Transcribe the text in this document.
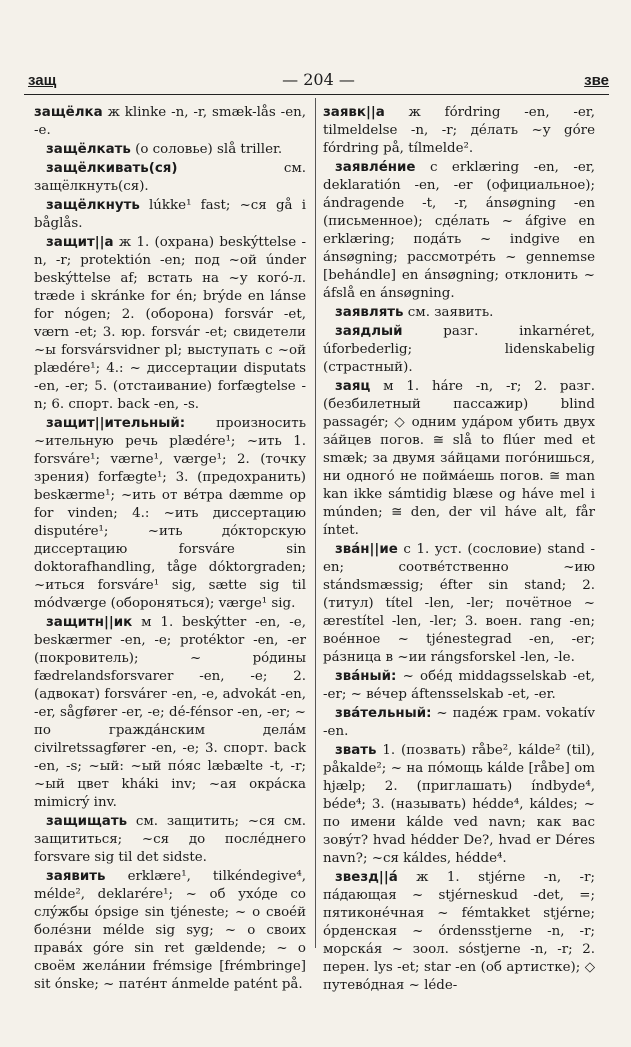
защ	— 204 —	зве
защёлка ж klinke -n, -r, smæk-lås -en, -e.
защёлкать (о соловье) slå triller.
защёлкивать(ся) см. защёлкнуть(ся).
защёлкнуть lúkke¹ fast; ~ся gå i båglås.
защит||а ж 1. (охрана) beskýttelse -n, -r; protektión -en; под ~ой únder beskýttelse af; встать на ~у когó-л. træde i skránke for én; brýde en lánse for nógen; 2. (оборона) forsvár -et, værn -et; 3. юр. forsvár -et; свидетели ~ы forsvársvidner pl; выступать с ~ой plædére¹; 4.: ~ диссертации disputats -en, -er; 5. (отстаивание) forfægtelse -n; 6. спорт. back -en, -s.
защит||ительный: произносить ~ительную речь plædére¹; ~ить 1. forsváre¹; værne¹, værge¹; 2. (точку зрения) forfægte¹; 3. (предохранить) beskærme¹; ~ить от вéтра dæmme op for vinden; 4.: ~ить диссертацию disputére¹; ~ить дóкторскую диссертацию forsváre sin doktorafhandling, tåge dóktorgraden; ~иться forsváre¹ sig, sætte sig til módværge (обороняться); værge¹ sig.
защитн||ик м 1. beskýtter -en, -e, beskærmer -en, -e; protéktor -en, -er (покровитель); ~ рóдины fædrelandsforsvarer -en, -e; 2. (адвокат) forsváreг -en, -e, advokát -en, -er, sågfører -er, -e; dé-fénsor -en, -er; ~ по граждáнским делáм civilretssagfører -en, -e; 3. спорт. back -en, -s; ~ый: ~ый пóяс læbælte -t, -r; ~ый цвет kháki inv; ~ая окрáска mimicrý inv.
защищать см. защитить; ~ся см. защититься; ~ся до послéднего forsvare sig til det sidste.
заявить erklære¹, tilkéndegive⁴, mélde², deklarére¹; ~ об ухóде со слýжбы ópsige sin tjéneste; ~ о своéй болéзни mélde sig syg; ~ о своих правáх góre sin ret gældende; ~ о своём желáнии frémsige [frémbringe] sit ónske; ~ патéнт ánmelde patént på.
заявк||а ж fórdring -en, -er, tilmeldelse -n, -r; дéлать ~у góre fórdring på, tílmelde².
заявлéние с erklæring -en, -er, deklaratión -en, -er (официальное); ándragende -t, -r, ánsøgning -en (письменное); сдéлать ~ áfgive en erklæring; подáть ~ indgive en ánsøgning; рассмотрéть ~ gennemse [behándle] en ánsøgning; отклонить ~ áfslå en ánsøgning.
заявлять см. заявить.
заядлый разг. inkarnéret, úforbederlig; lidenskabelig (страстный).
заяц м 1. háre -n, -r; 2. разг. (безбилетный пассажир) blind passagér; ◇ одним удáром убить двух зáйцев погов. ≅ slå to flúer med et smæk; за двумя зáйцами погóнишься, ни одногó не поймáешь погов. ≅ man kan ikke sámtidig blæse og háve mel i múnden; ≅ den, der vil háve alt, får íntet.
звáн||ие с 1. уст. (сословие) stand -en; соотвéтственно ~ию stándsmæssig; éfter sin stand; 2. (титул) títel -len, -ler; почётное ~ ærestítel -len, -ler; 3. воен. rang -en; воéнное ~ tjénestegrad -en, -er; рáзница в ~ии rángsforskel -len, -le.
звáный: ~ обéд middagsselskab -et, -er; ~ вéчер áftensselskab -et, -er.
звáтельный: ~ падéж грам. vokatív -en.
звать 1. (позвать) råbe², kálde² (til), påkalde²; ~ на пóмощь kálde [råbe] om hjælp; 2. (приглашать) índbyde⁴, béde⁴; 3. (называть) hédde⁴, káldes; ~ по имени kálde ved navn; как вас зовýт? hvad hédder De?, hvad er Déres navn?; ~ся káldes, hédde⁴.
звезд||á ж 1. stjérne -n, -r; пáдающая ~ stjérneskud -det, =; пятиконéчная ~ fémtakket stjérne; óрденская ~ órdensstjerne -n, -r; морскáя ~ зоол. sóstjerne -n, -r; 2. перен. lys -et; star -en (об артистке); ◇ путевóдная ~ léde-
